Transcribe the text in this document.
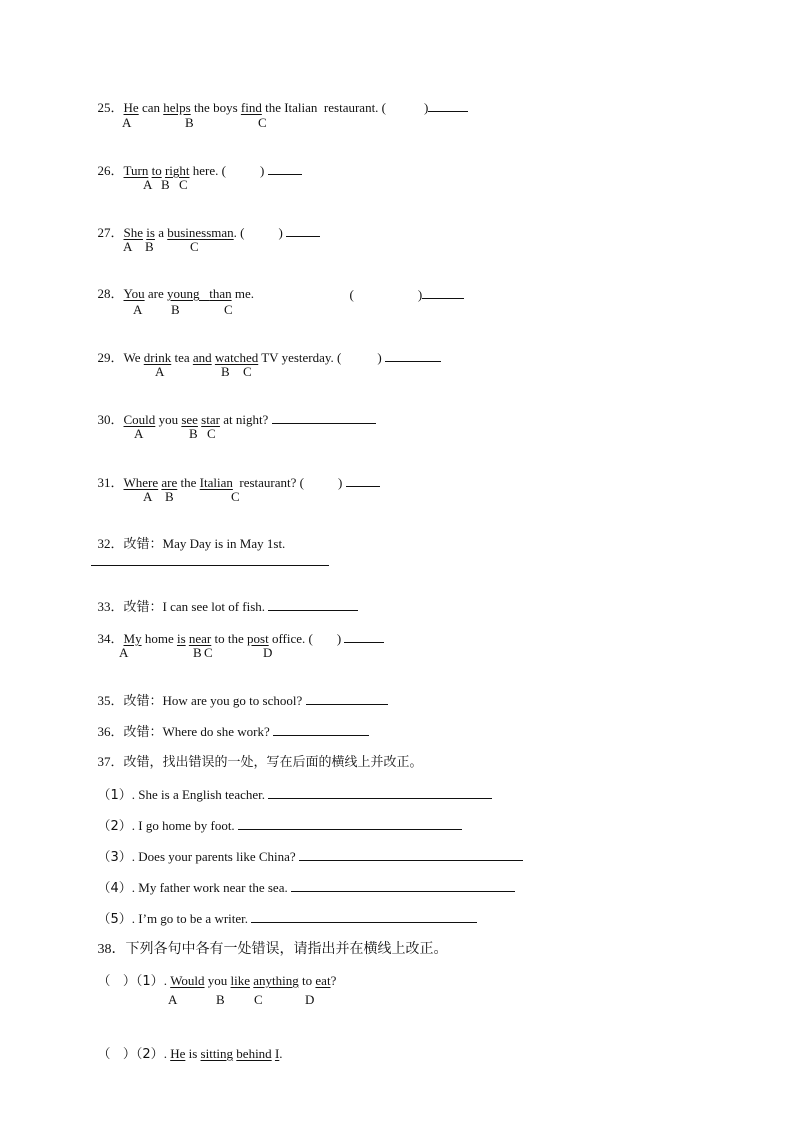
25．He can helps the boys find the Italian  restaurant. (	)

A	B	C

26．Turn to right here. (	)

A B C

27．She is a businessman. (	)

A B	C

28．You are young than me.	(	)

A B	C

29．We drink tea and watched TV yesterday. (	)

A	B C

30．Could you see star at night?

A	B C

31．Where are the Italian  restaurant? (	)

A B	C

32．改错：May Day is in May 1st.

33．改错：I can see lot of fish.

34．My home is near to the post office. ( )

A	B C	D

35．改错：How are you go to school?

36．改错：Where do she work?

37．改错，找出错误的一处，写在后面的横线上并改正。

（1）. She is a English teacher.

（2）. I go home by foot.

（3）. Does your parents like China?

（4）. My father work near the sea.

（5）. I’m go to be a writer.

38．下列各句中各有一处错误，请指出并在横线上改正。

（   ）（1）. Would you like anything to eat?

A	B C	D

（   ）（2）. He is sitting behind I.
